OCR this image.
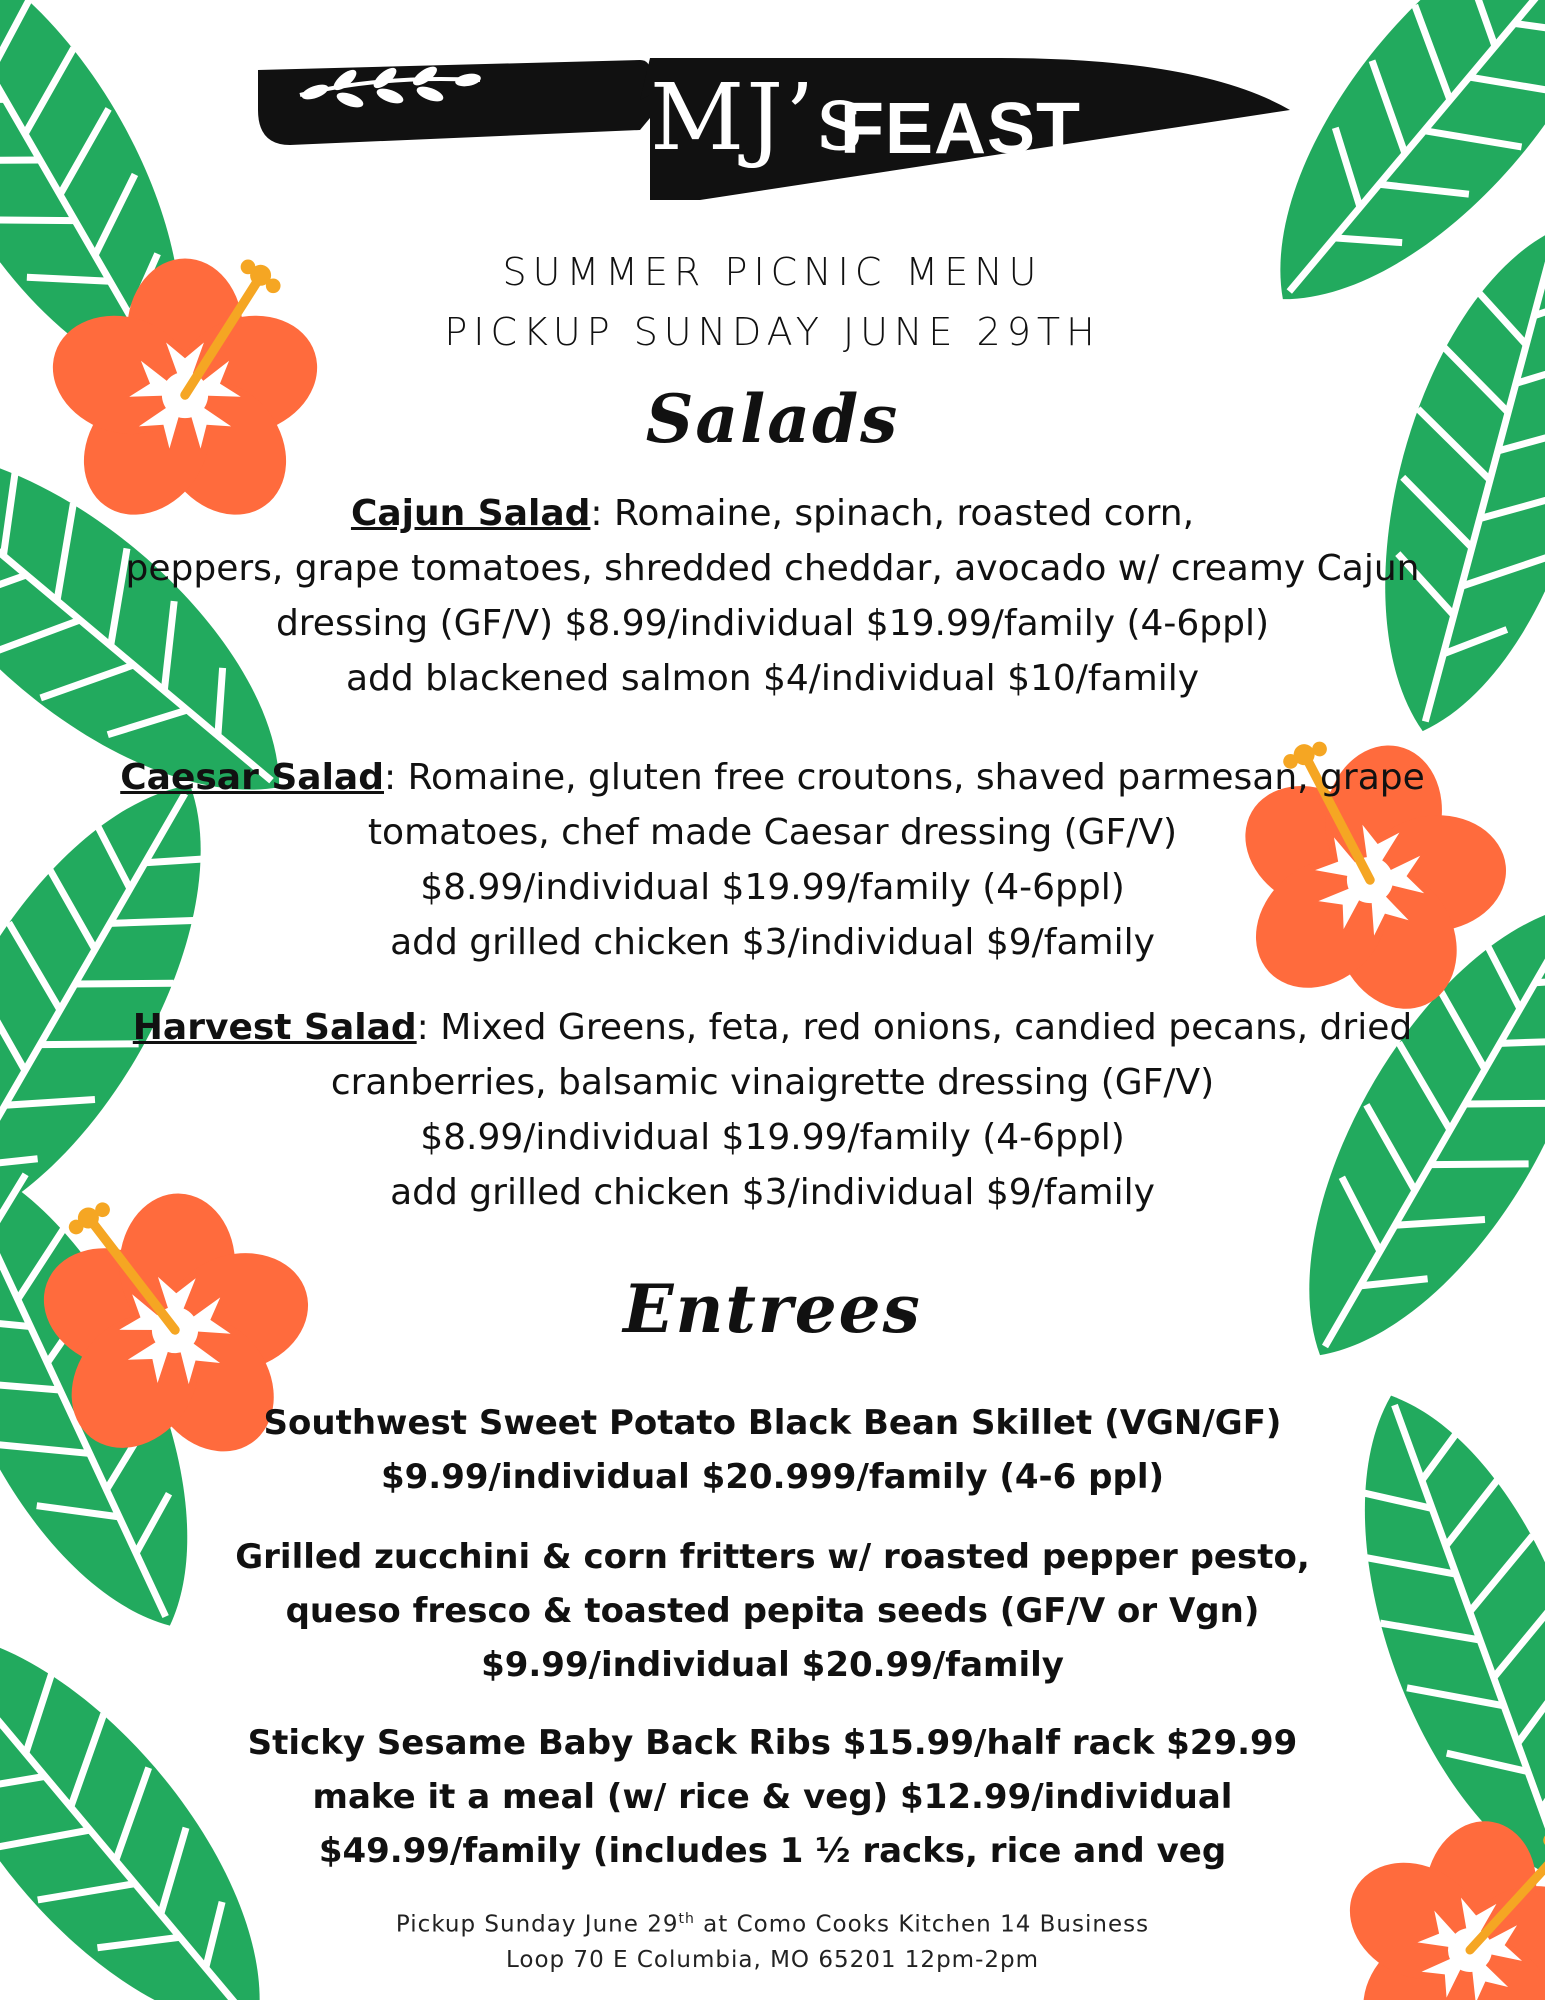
MJ’s
FEAST
SUMMER PICNIC MENU
PICKUP SUNDAY JUNE 29TH
Salads
Cajun Salad: Romaine, spinach, roasted corn,
peppers, grape tomatoes, shredded cheddar, avocado w/ creamy Cajun
dressing (GF/V) $8.99/individual $19.99/family (4-6ppl)
add blackened salmon $4/individual $10/family
Caesar Salad: Romaine, gluten free croutons, shaved parmesan, grape
tomatoes, chef made Caesar dressing (GF/V)
$8.99/individual $19.99/family (4-6ppl)
add grilled chicken $3/individual $9/family
Harvest Salad: Mixed Greens, feta, red onions, candied pecans, dried
cranberries, balsamic vinaigrette dressing (GF/V)
$8.99/individual $19.99/family (4-6ppl)
add grilled chicken $3/individual $9/family
Entrees
Southwest Sweet Potato Black Bean Skillet (VGN/GF)
$9.99/individual $20.999/family (4-6 ppl)
Grilled zucchini & corn fritters w/ roasted pepper pesto,
queso fresco & toasted pepita seeds (GF/V or Vgn)
$9.99/individual $20.99/family
Sticky Sesame Baby Back Ribs $15.99/half rack $29.99
make it a meal (w/ rice & veg) $12.99/individual
$49.99/family (includes 1 ½ racks, rice and veg
Pickup Sunday June 29th at Como Cooks Kitchen 14 Business
Loop 70 E Columbia, MO 65201 12pm-2pm
